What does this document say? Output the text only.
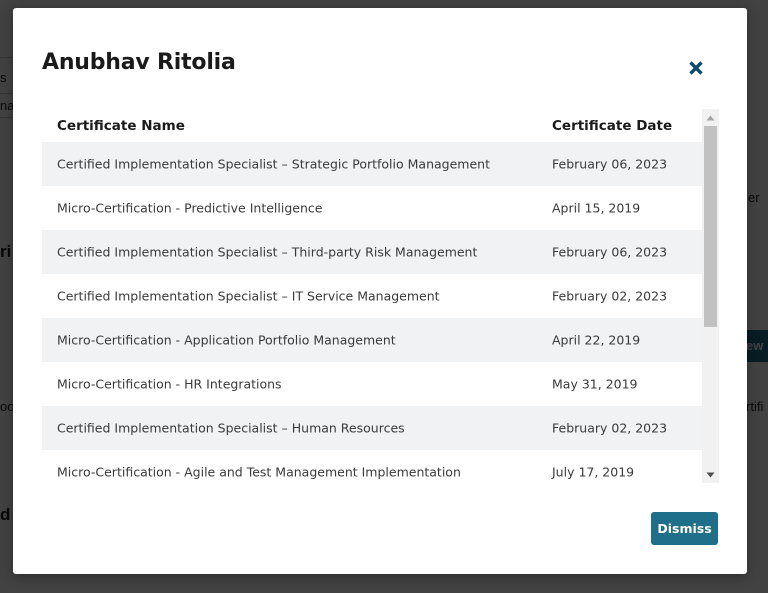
Anubhav Ritolia
Certificate Name	Certificate Date
Certified Implementation Specialist – Strategic Portfolio Management	February 06, 2023
Micro-Certification - Predictive Intelligence	April 15, 2019
Certified Implementation Specialist – Third-party Risk Management	February 06, 2023
Certified Implementation Specialist – IT Service Management	February 02, 2023
Micro-Certification - Application Portfolio Management	April 22, 2019
Micro-Certification - HR Integrations	May 31, 2019
Certified Implementation Specialist – Human Resources	February 02, 2023
Micro-Certification - Agile and Test Management Implementation	July 17, 2019
Dismiss
